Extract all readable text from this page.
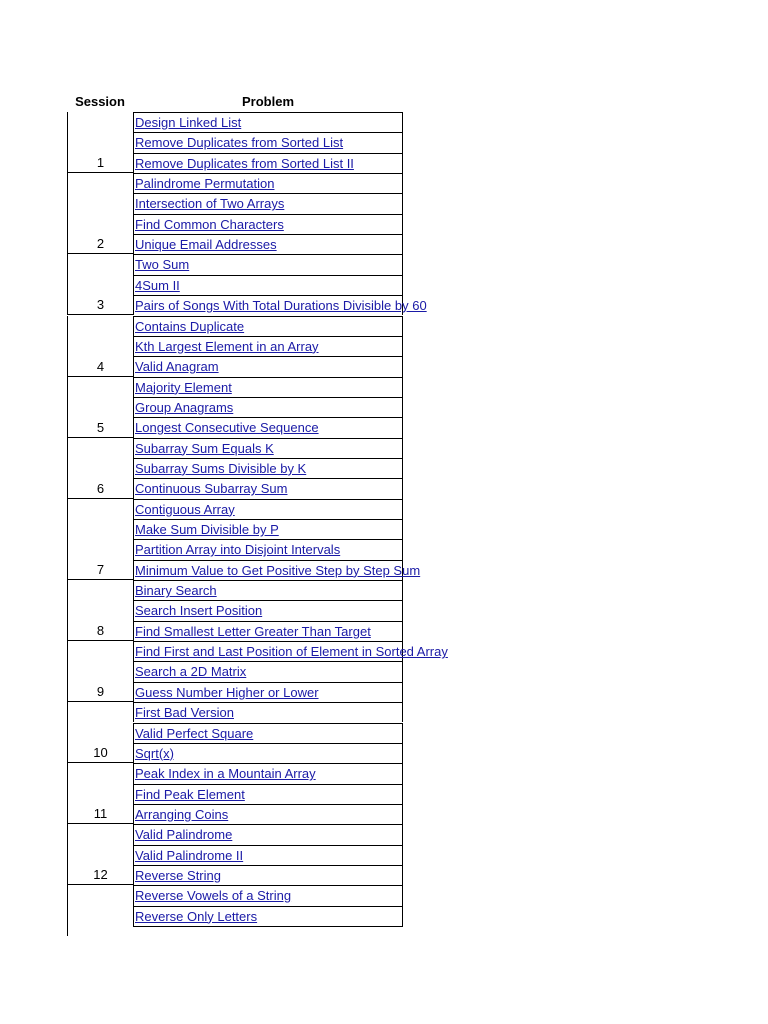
Session	Problem
1
Design Linked List
Remove Duplicates from Sorted List
Remove Duplicates from Sorted List II
2
Palindrome Permutation
Intersection of Two Arrays
Find Common Characters
Unique Email Addresses
3
Two Sum
4Sum II
Pairs of Songs With Total Durations Divisible by 60
4
Contains Duplicate
Kth Largest Element in an Array
Valid Anagram
5
Majority Element
Group Anagrams
Longest Consecutive Sequence
6
Subarray Sum Equals K
Subarray Sums Divisible by K
Continuous Subarray Sum
7
Contiguous Array
Make Sum Divisible by P
Partition Array into Disjoint Intervals
Minimum Value to Get Positive Step by Step Sum
8
Binary Search
Search Insert Position
Find Smallest Letter Greater Than Target
9
Find First and Last Position of Element in Sorted Array
Search a 2D Matrix
Guess Number Higher or Lower
10
First Bad Version
Valid Perfect Square
Sqrt(x)
11
Peak Index in a Mountain Array
Find Peak Element
Arranging Coins
12
Valid Palindrome
Valid Palindrome II
Reverse String
Reverse Vowels of a String
Reverse Only Letters
